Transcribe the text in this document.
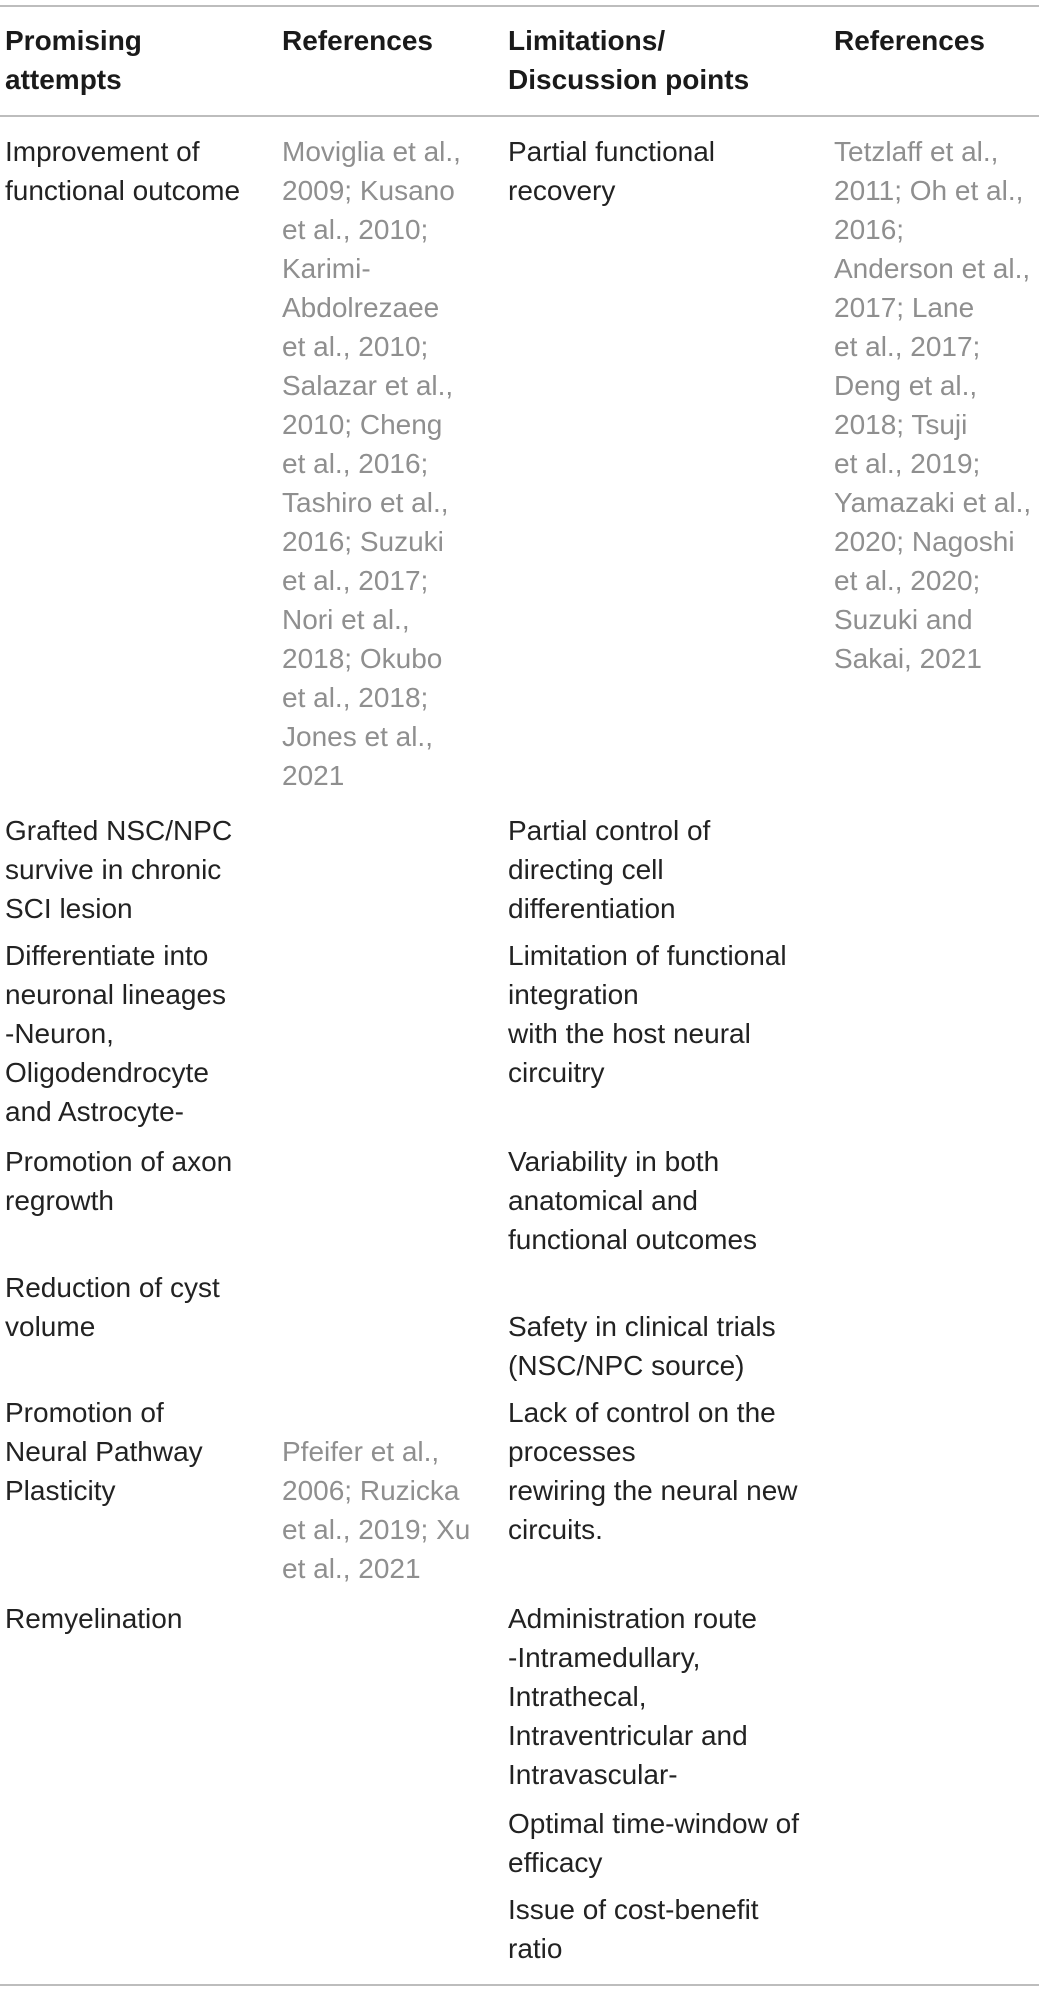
Promising
attempts
References	Limitations/
Discussion points
References
Improvement of
functional outcome
Grafted NSC/NPC
survive in chronic
SCI lesion
Differentiate into
neuronal lineages
-Neuron,
Oligodendrocyte
and Astrocyte-
Promotion of axon
regrowth
Reduction of cyst
volume
Promotion of
Neural Pathway
Plasticity
Remyelination
Moviglia et al.,
2009; Kusano
et al., 2010;
Karimi-
Abdolrezaee
et al., 2010;
Salazar et al.,
2010; Cheng
et al., 2016;
Tashiro et al.,
2016; Suzuki
et al., 2017;
Nori et al.,
2018; Okubo
et al., 2018;
Jones et al.,
2021
Pfeifer et al.,
2006; Ruzicka
et al., 2019; Xu
et al., 2021
Partial functional
recovery
Partial control of
directing cell
differentiation
Limitation of functional
integration
with the host neural
circuitry
Variability in both
anatomical and
functional outcomes
Safety in clinical trials
(NSC/NPC source)
Lack of control on the
processes
rewiring the neural new
circuits.
Administration route
-Intramedullary,
Intrathecal,
Intraventricular and
Intravascular-
Optimal time-window of
efficacy
Issue of cost-benefit
ratio
Tetzlaff et al.,
2011; Oh et al.,
2016;
Anderson et al.,
2017; Lane
et al., 2017;
Deng et al.,
2018; Tsuji
et al., 2019;
Yamazaki et al.,
2020; Nagoshi
et al., 2020;
Suzuki and
Sakai, 2021
